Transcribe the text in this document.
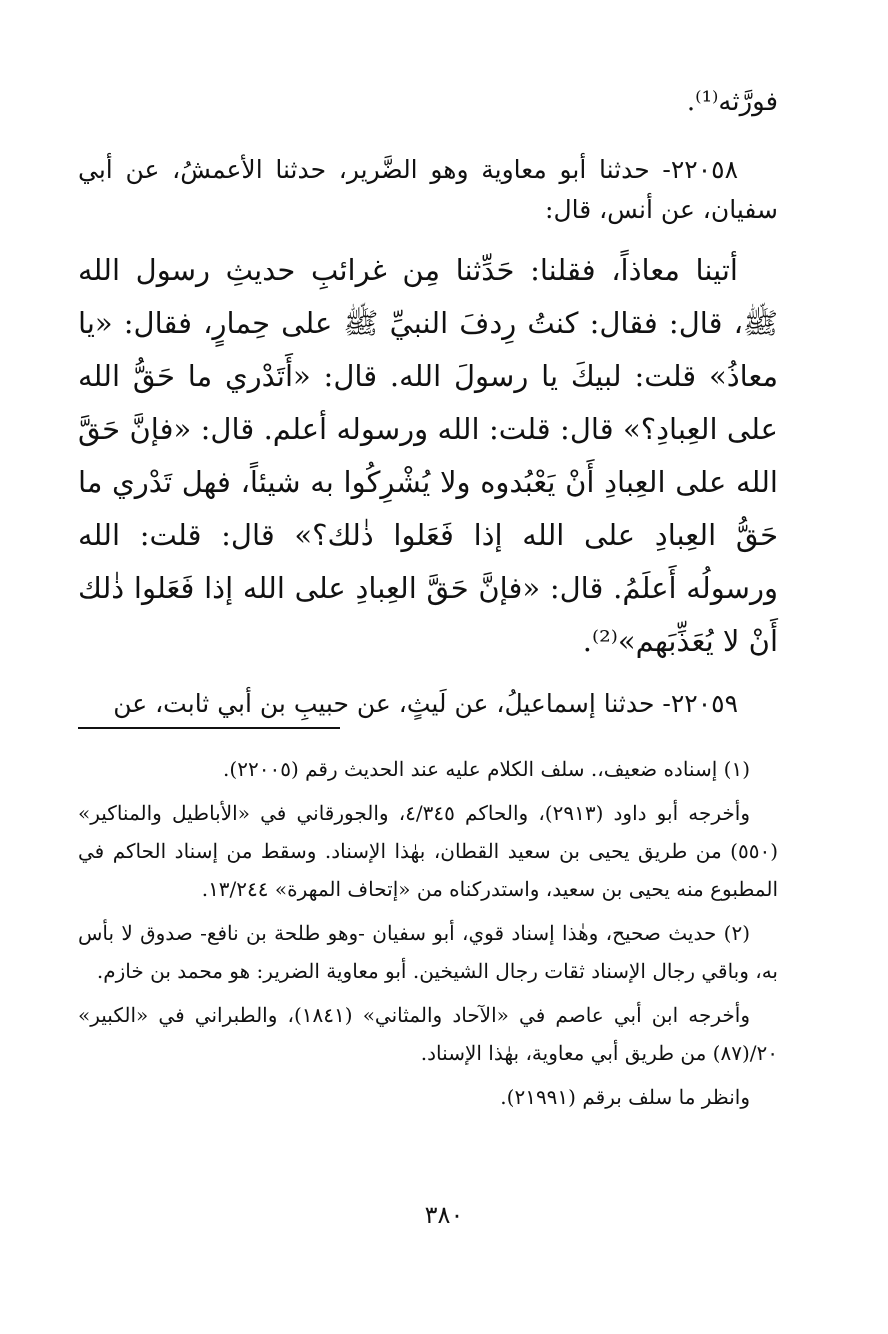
فورَّثه⁽¹⁾.

٢٢٠٥٨- حدثنا أبو معاوية وهو الضَّرير، حدثنا الأعمشُ، عن أبي سفيان، عن أنس، قال:

أتينا معاذاً، فقلنا: حَدِّثنا مِن غرائبِ حديثِ رسول الله ﷺ، قال: فقال: كنتُ رِدفَ النبيِّ ﷺ على حِمارٍ، فقال: «يا معاذُ» قلت: لبيكَ يا رسولَ الله. قال: «أَتَدْري ما حَقُّ الله على العِبادِ؟» قال: قلت: الله ورسوله أعلم. قال: «فإنَّ حَقَّ الله على العِبادِ أَنْ يَعْبُدوه ولا يُشْرِكُوا به شيئاً، فهل تَدْري ما حَقُّ العِبادِ على الله إذا فَعَلوا ذٰلك؟» قال: قلت: الله ورسولُه أَعلَمُ. قال: «فإنَّ حَقَّ العِبادِ على الله إذا فَعَلوا ذٰلك أَنْ لا يُعَذِّبَهم»⁽²⁾.

٢٢٠٥٩- حدثنا إسماعيلُ، عن لَيثٍ، عن حبيبِ بن أبي ثابت، عن

(١) إسناده ضعيف،. سلف الكلام عليه عند الحديث رقم (٢٢٠٠٥).

وأخرجه أبو داود (٢٩١٣)، والحاكم ٤/٣٤٥، والجورقاني في «الأباطيل والمناكير» (٥٥٠) من طريق يحيى بن سعيد القطان، بهٰذا الإسناد. وسقط من إسناد الحاكم في المطبوع منه يحيى بن سعيد، واستدركناه من «إتحاف المهرة» ١٣/٢٤٤.

(٢) حديث صحيح، وهٰذا إسناد قوي، أبو سفيان -وهو طلحة بن نافع- صدوق لا بأس به، وباقي رجال الإسناد ثقات رجال الشيخين. أبو معاوية الضرير: هو محمد بن خازم.

وأخرجه ابن أبي عاصم في «الآحاد والمثاني» (١٨٤١)، والطبراني في «الكبير» ٢٠/(٨٧) من طريق أبي معاوية، بهٰذا الإسناد.

وانظر ما سلف برقم (٢١٩٩١).

٣٨٠
